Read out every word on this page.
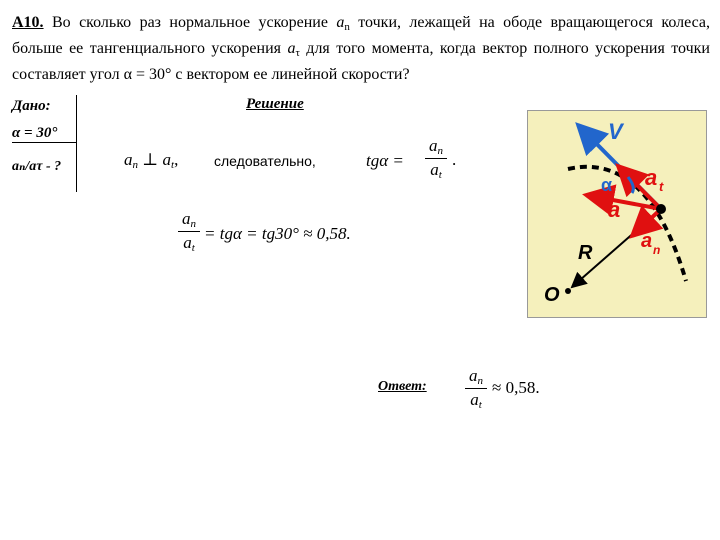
А10. Во сколько раз нормальное ускорение $a_n$ точки, лежащей на ободе вращающегося колеса, больше ее тангенциального ускорения $a_\tau$ для того момента, когда вектор полного ускорения точки составляет угол α = 30° с вектором ее линейной скорости?
Дано:
α = 30°
aₙ/aτ - ?
Решение
$a_n$ ⊥ $a_t$,	следовательно,	tgα =
$a_n$
$a_t$
.
$a_n$
$a_t$
= tgα = tg30° ≈ 0,58.
Ответ:
$a_n$
$a_t$
≈ 0,58.
V
a t
a
a n
α
R
O
